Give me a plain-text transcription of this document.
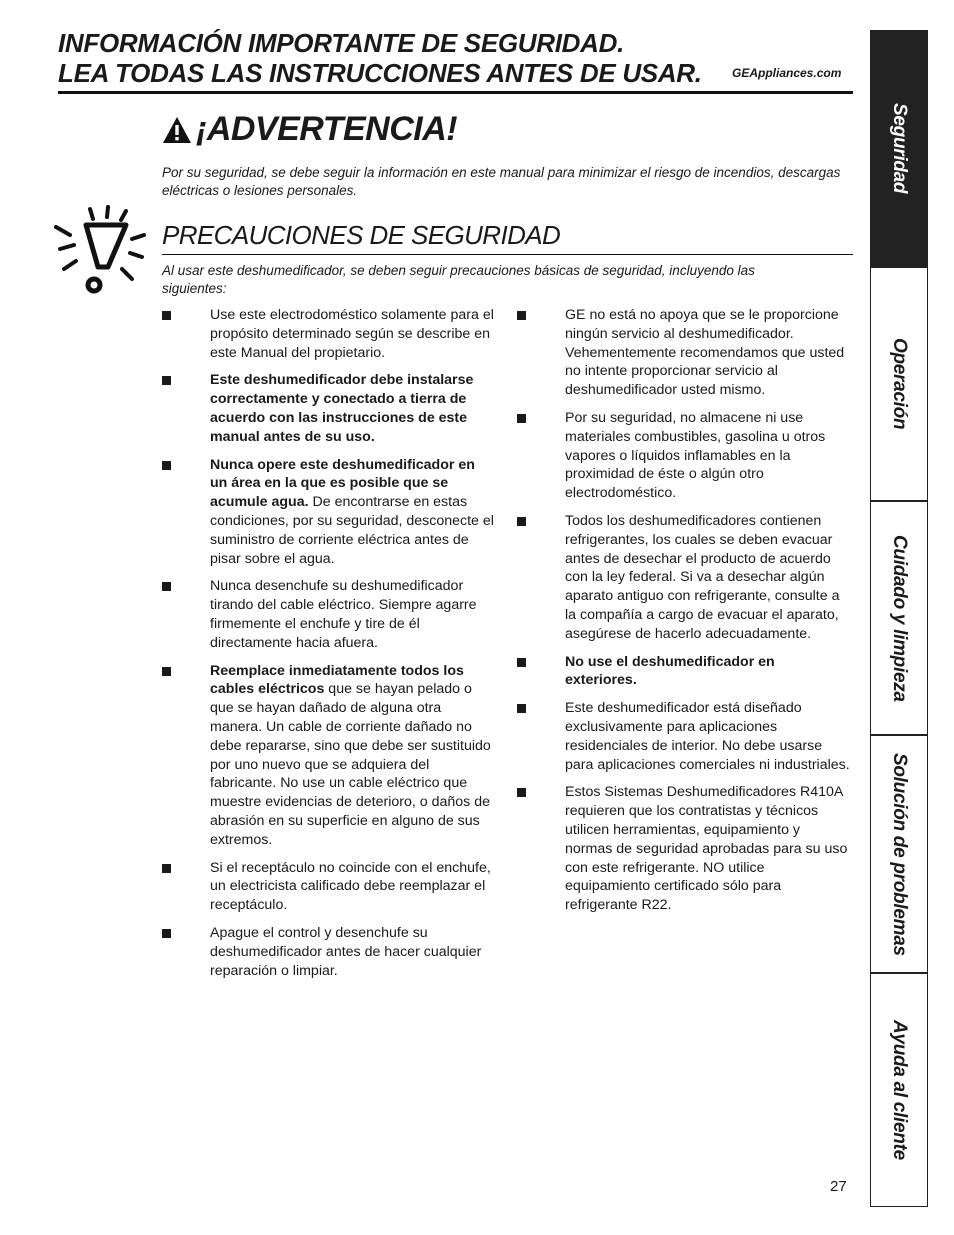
INFORMACIÓN IMPORTANTE DE SEGURIDAD.
LEA TODAS LAS INSTRUCCIONES ANTES DE USAR.	GEAppliances.com
¡ADVERTENCIA!
Por su seguridad, se debe seguir la información en este manual para minimizar el riesgo de incendios, descargas eléctricas o lesiones personales.
PRECAUCIONES DE SEGURIDAD
Al usar este deshumedificador, se deben seguir precauciones básicas de seguridad, incluyendo las siguientes:
Use este electrodoméstico solamente para el propósito determinado según se describe en este Manual del propietario.
Este deshumedificador debe instalarse correctamente y conectado a tierra de acuerdo con las instrucciones de este manual antes de su uso.
Nunca opere este deshumedificador en un área en la que es posible que se acumule agua. De encontrarse en estas condiciones, por su seguridad, desconecte el suministro de corriente eléctrica antes de pisar sobre el agua.
Nunca desenchufe su deshumedificador tirando del cable eléctrico. Siempre agarre firmemente el enchufe y tire de él directamente hacia afuera.
Reemplace inmediatamente todos los cables eléctricos que se hayan pelado o que se hayan dañado de alguna otra manera. Un cable de corriente dañado no debe repararse, sino que debe ser sustituido por uno nuevo que se adquiera del fabricante. No use un cable eléctrico que muestre evidencias de deterioro, o daños de abrasión en su superficie en alguno de sus extremos.
Si el receptáculo no coincide con el enchufe, un electricista calificado debe reemplazar el receptáculo.
Apague el control y desenchufe su deshumedificador antes de hacer cualquier reparación o limpiar.
GE no está no apoya que se le proporcione ningún servicio al deshumedificador. Vehementemente recomendamos que usted no intente proporcionar servicio al deshumedificador usted mismo.
Por su seguridad, no almacene ni use materiales combustibles, gasolina u otros vapores o líquidos inflamables en la proximidad de éste o algún otro electrodoméstico.
Todos los deshumedificadores contienen refrigerantes, los cuales se deben evacuar antes de desechar el producto de acuerdo con la ley federal. Si va a desechar algún aparato antiguo con refrigerante, consulte a la compañía a cargo de evacuar el aparato, asegúrese de hacerlo adecuadamente.
No use el deshumedificador en exteriores.
Este deshumedificador está diseñado exclusivamente para aplicaciones residenciales de interior. No debe usarse para aplicaciones comerciales ni industriales.
Estos Sistemas Deshumedificadores R410A requieren que los contratistas y técnicos utilicen herramientas, equipamiento y normas de seguridad aprobadas para su uso con este refrigerante. NO utilice equipamiento certificado sólo para refrigerante R22.
Seguridad
Operación
Cuidado y limpieza
Solución de problemas
Ayuda al cliente
27
